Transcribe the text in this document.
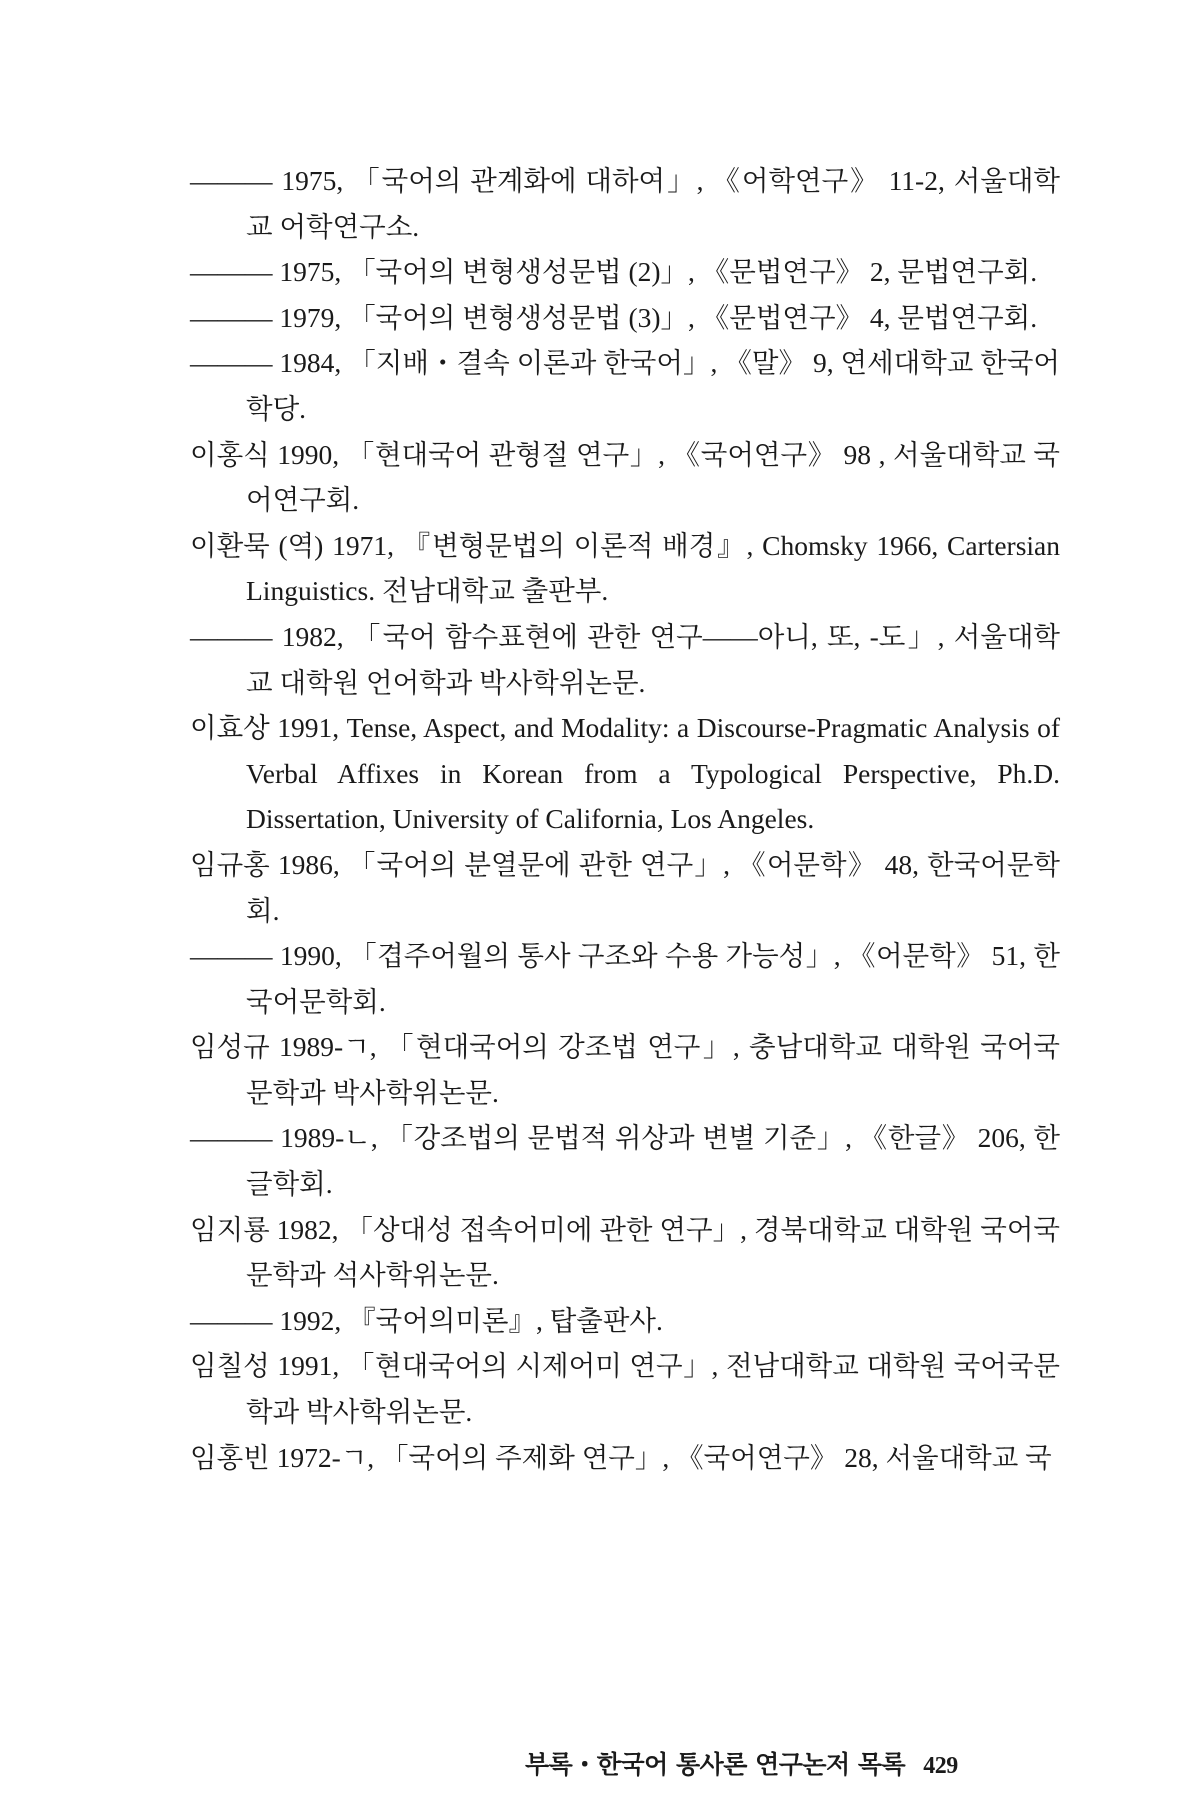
——— 1975, 「국어의 관계화에 대하여」, 《어학연구》 11-2, 서울대학교 어학연구소.

——— 1975, 「국어의 변형생성문법 (2)」, 《문법연구》 2, 문법연구회.

——— 1979, 「국어의 변형생성문법 (3)」, 《문법연구》 4, 문법연구회.

——— 1984, 「지배・결속 이론과 한국어」, 《말》 9, 연세대학교 한국어학당.

이홍식 1990, 「현대국어 관형절 연구」, 《국어연구》 98 , 서울대학교 국어연구회.

이환묵 (역) 1971, 『변형문법의 이론적 배경』, Chomsky 1966, Cartersian Linguistics. 전남대학교 출판부.

——— 1982, 「국어 함수표현에 관한 연구——아니, 또, -도」, 서울대학교 대학원 언어학과 박사학위논문.

이효상 1991, Tense, Aspect, and Modality: a Discourse-Pragmatic Analysis of Verbal Affixes in Korean from a Typological Perspective, Ph.D. Dissertation, University of California, Los Angeles.

임규홍 1986, 「국어의 분열문에 관한 연구」, 《어문학》 48, 한국어문학회.

——— 1990, 「겹주어월의 통사 구조와 수용 가능성」, 《어문학》 51, 한국어문학회.

임성규 1989-ㄱ, 「현대국어의 강조법 연구」, 충남대학교 대학원 국어국문학과 박사학위논문.

——— 1989-ㄴ, 「강조법의 문법적 위상과 변별 기준」, 《한글》 206, 한글학회.

임지룡 1982, 「상대성 접속어미에 관한 연구」, 경북대학교 대학원 국어국문학과 석사학위논문.

——— 1992, 『국어의미론』, 탑출판사.

임칠성 1991, 「현대국어의 시제어미 연구」, 전남대학교 대학원 국어국문학과 박사학위논문.

임홍빈 1972-ㄱ, 「국어의 주제화 연구」, 《국어연구》 28, 서울대학교 국

부록・한국어 통사론 연구논저 목록 429
